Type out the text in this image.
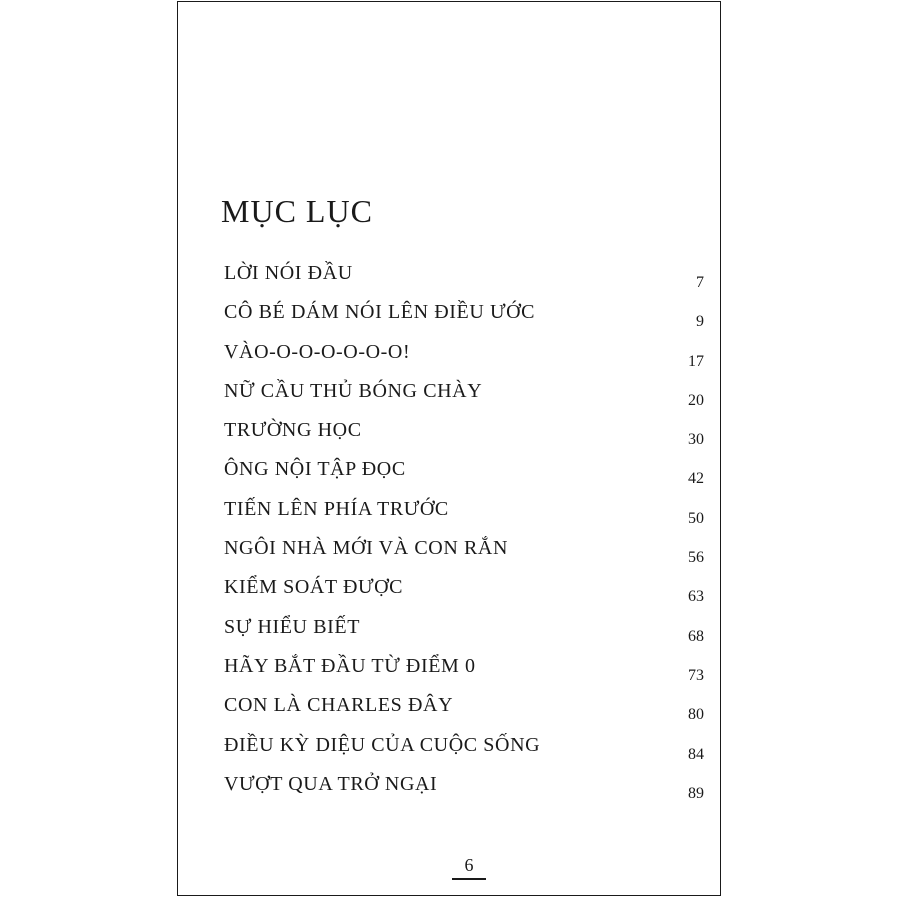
MỤC LỤC
LỜI NÓI ĐẦU	7
CÔ BÉ DÁM NÓI LÊN ĐIỀU ƯỚC	9
VÀO-O-O-O-O-O-O!	17
NỮ CẦU THỦ BÓNG CHÀY	20
TRƯỜNG HỌC	30
ÔNG NỘI TẬP ĐỌC	42
TIẾN LÊN PHÍA TRƯỚC	50
NGÔI NHÀ MỚI VÀ CON RẮN	56
KIỂM SOÁT ĐƯỢC	63
SỰ HIỂU BIẾT	68
HÃY BẮT ĐẦU TỪ ĐIỂM 0	73
CON LÀ CHARLES ĐÂY	80
ĐIỀU KỲ DIỆU CỦA CUỘC SỐNG	84
VƯỢT QUA TRỞ NGẠI	89
6
